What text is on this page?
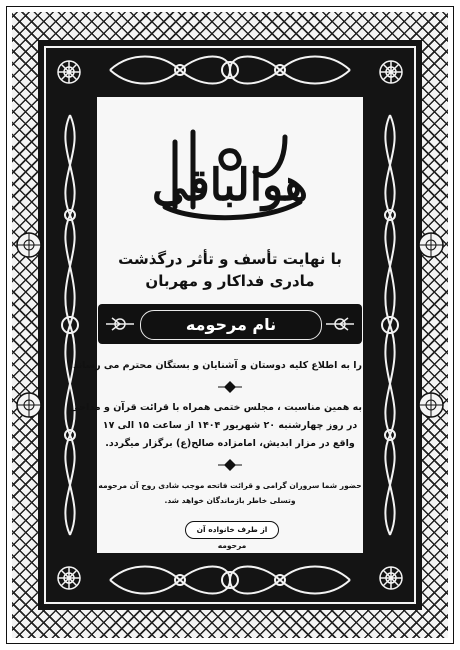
هوالباقی
با نهایت تأسف و تأثر درگذشت
مادری فداکار و مهربان
نام مرحومه
را به اطلاع کلیه دوستان و آشنایان و بستگان محترم می رساند.
به همین مناسبت ، مجلس ختمی همراه با قرائت قرآن و مداحی
در روز چهارشنبه ۲۰ شهریور ۱۴۰۴ از ساعت ۱۵ الی ۱۷
واقع در مزار ابدیش، امامزاده صالح(ع) برگزار میگردد.
حضور شما سروران گرامی و قرائت فاتحه موجب شادی روح آن مرحومه
وتسلی خاطر بازماندگان خواهد شد.
از طرف خانواده آن مرحومه
